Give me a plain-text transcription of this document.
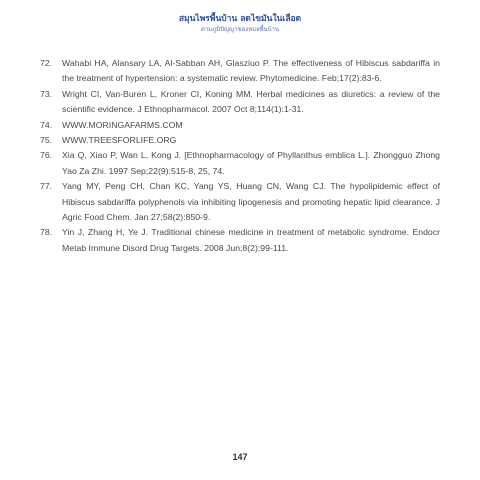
สมุนไพรพื้นบ้าน ลดไขมันในเลือด
ตามภูมิปัญญาของหมอพื้นบ้าน
72.	Wahabi HA, Alansary LA, Al-Sabban AH, Glasziuo P. The effectiveness of Hibiscus sabdariffa in the treatment of hypertension: a systematic review. Phytomedicine. Feb;17(2):83-6.
73.	Wright CI, Van-Buren L, Kroner CI, Koning MM. Herbal medicines as diuretics: a review of the scientific evidence. J Ethnopharmacol. 2007 Oct 8;114(1):1-31.
74.	WWW.MORINGAFARMS.COM
75.	WWW.TREESFORLIFE.ORG
76.	Xia Q, Xiao P, Wan L, Kong J. [Ethnopharmacology of Phyllanthus emblica L.]. Zhongguo Zhong Yao Za Zhi. 1997 Sep;22(9):515-8, 25, 74.
77.	Yang MY, Peng CH, Chan KC, Yang YS, Huang CN, Wang CJ. The hypolipidemic effect of Hibiscus sabdariffa polyphenols via inhibiting lipogenesis and promoting hepatic lipid clearance. J Agric Food Chem. Jan 27;58(2):850-9.
78.	Yin J, Zhang H, Ye J. Traditional chinese medicine in treatment of metabolic syndrome. Endocr Metab Immune Disord Drug Targets. 2008 Jun;8(2):99-111.
147
